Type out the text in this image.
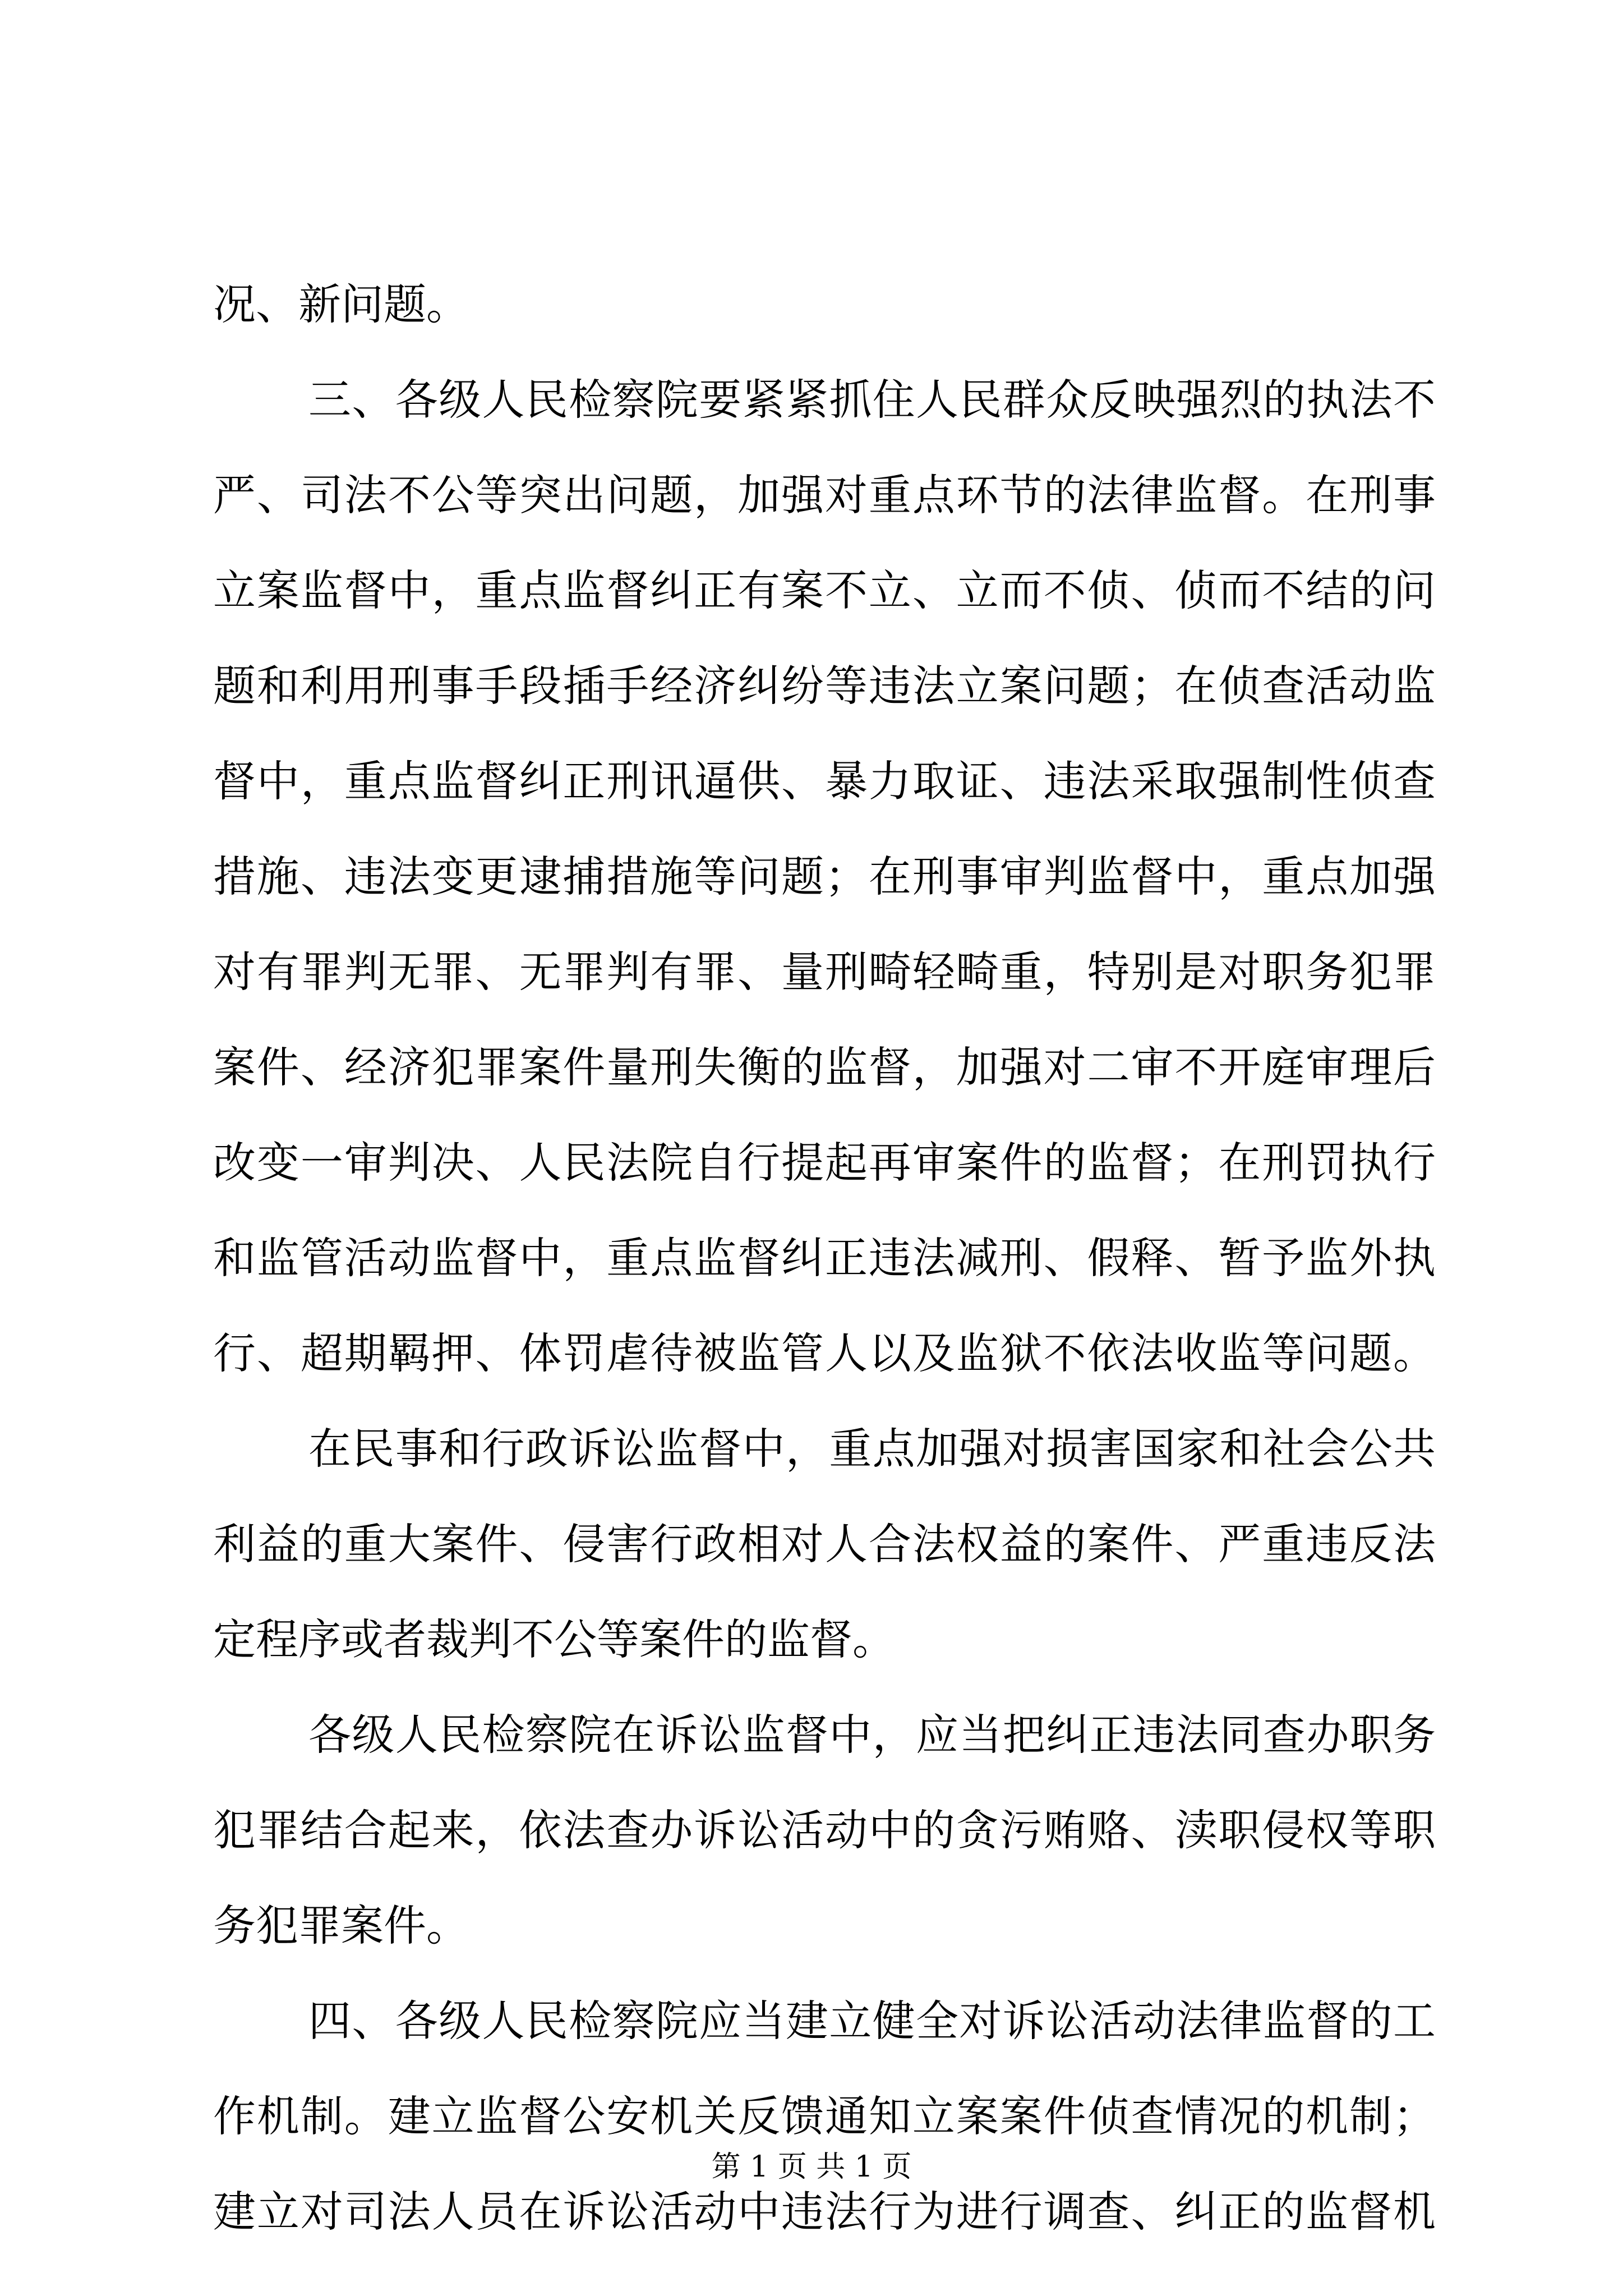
况、新问题。
三、各级人民检察院要紧紧抓住人民群众反映强烈的执法不
严、司法不公等突出问题，加强对重点环节的法律监督。在刑事
立案监督中，重点监督纠正有案不立、立而不侦、侦而不结的问
题和利用刑事手段插手经济纠纷等违法立案问题；在侦查活动监
督中，重点监督纠正刑讯逼供、暴力取证、违法采取强制性侦查
措施、违法变更逮捕措施等问题；在刑事审判监督中，重点加强
对有罪判无罪、无罪判有罪、量刑畸轻畸重，特别是对职务犯罪
案件、经济犯罪案件量刑失衡的监督，加强对二审不开庭审理后
改变一审判决、人民法院自行提起再审案件的监督；在刑罚执行
和监管活动监督中，重点监督纠正违法减刑、假释、暂予监外执
行、超期羁押、体罚虐待被监管人以及监狱不依法收监等问题。
在民事和行政诉讼监督中，重点加强对损害国家和社会公共
利益的重大案件、侵害行政相对人合法权益的案件、严重违反法
定程序或者裁判不公等案件的监督。
各级人民检察院在诉讼监督中，应当把纠正违法同查办职务
犯罪结合起来，依法查办诉讼活动中的贪污贿赂、渎职侵权等职
务犯罪案件。
四、各级人民检察院应当建立健全对诉讼活动法律监督的工
作机制。建立监督公安机关反馈通知立案案件侦查情况的机制；
建立对司法人员在诉讼活动中违法行为进行调查、纠正的监督机
第 1 页 共 1 页
